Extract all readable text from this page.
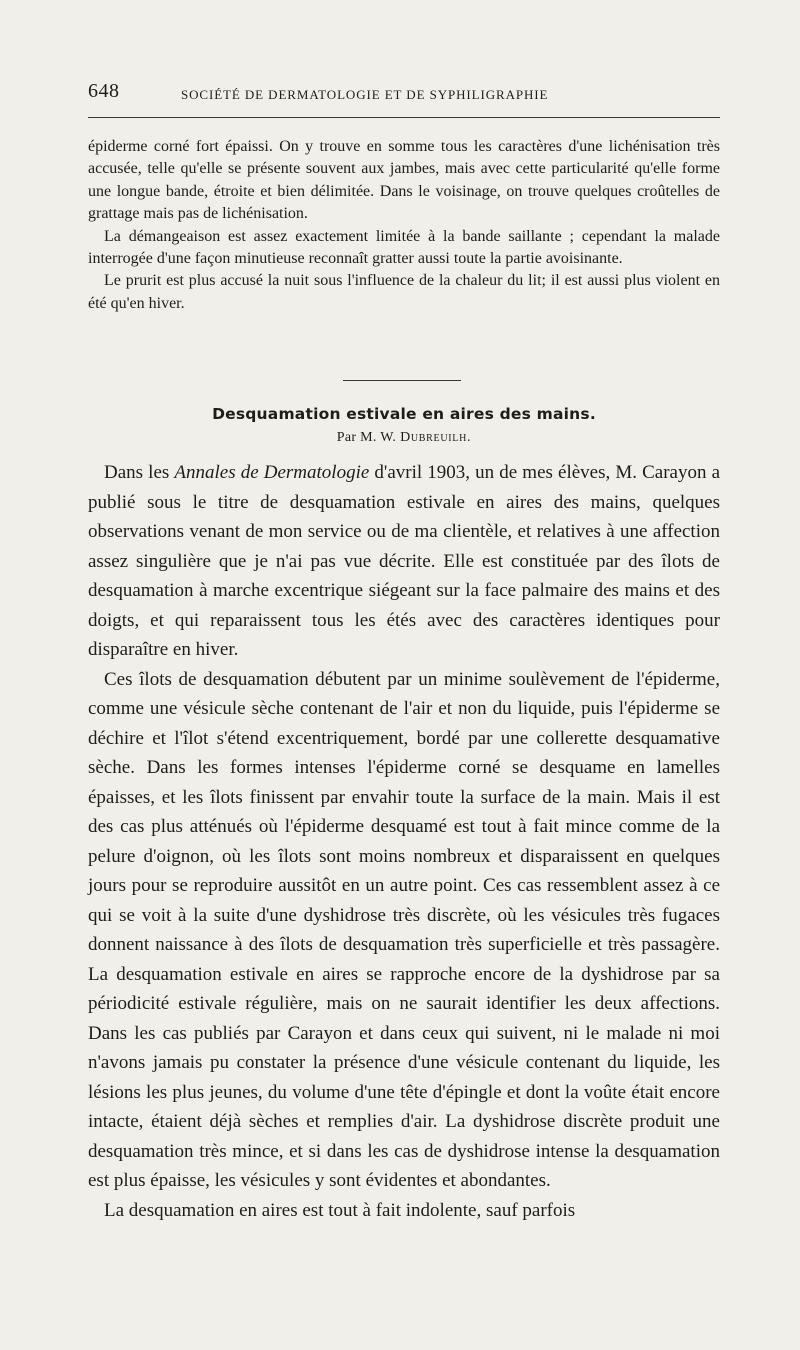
648	SOCIÉTÉ DE DERMATOLOGIE ET DE SYPHILIGRAPHIE

épiderme corné fort épaissi. On y trouve en somme tous les caractères d'une lichénisation très accusée, telle qu'elle se présente souvent aux jambes, mais avec cette particularité qu'elle forme une longue bande, étroite et bien délimitée. Dans le voisinage, on trouve quelques croûtelles de grattage mais pas de lichénisation.

La démangeaison est assez exactement limitée à la bande saillante ; cependant la malade interrogée d'une façon minutieuse reconnaît gratter aussi toute la partie avoisinante.

Le prurit est plus accusé la nuit sous l'influence de la chaleur du lit; il est aussi plus violent en été qu'en hiver.

Desquamation estivale en aires des mains.
Par M. W. Dubreuilh.

Dans les Annales de Dermatologie d'avril 1903, un de mes élèves, M. Carayon a publié sous le titre de desquamation estivale en aires des mains, quelques observations venant de mon service ou de ma clientèle, et relatives à une affection assez singulière que je n'ai pas vue décrite. Elle est constituée par des îlots de desquamation à marche excentrique siégeant sur la face palmaire des mains et des doigts, et qui reparaissent tous les étés avec des caractères identiques pour disparaître en hiver.

Ces îlots de desquamation débutent par un minime soulèvement de l'épiderme, comme une vésicule sèche contenant de l'air et non du liquide, puis l'épiderme se déchire et l'îlot s'étend excentriquement, bordé par une collerette desquamative sèche. Dans les formes intenses l'épiderme corné se desquame en lamelles épaisses, et les îlots finissent par envahir toute la surface de la main. Mais il est des cas plus atténués où l'épiderme desquamé est tout à fait mince comme de la pelure d'oignon, où les îlots sont moins nombreux et disparaissent en quelques jours pour se reproduire aussitôt en un autre point. Ces cas ressemblent assez à ce qui se voit à la suite d'une dyshidrose très discrète, où les vésicules très fugaces donnent naissance à des îlots de desquamation très superficielle et très passagère. La desquamation estivale en aires se rapproche encore de la dyshidrose par sa périodicité estivale régulière, mais on ne saurait identifier les deux affections. Dans les cas publiés par Carayon et dans ceux qui suivent, ni le malade ni moi n'avons jamais pu constater la présence d'une vésicule contenant du liquide, les lésions les plus jeunes, du volume d'une tête d'épingle et dont la voûte était encore intacte, étaient déjà sèches et remplies d'air. La dyshidrose discrète produit une desquamation très mince, et si dans les cas de dyshidrose intense la desquamation est plus épaisse, les vésicules y sont évidentes et abondantes.

La desquamation en aires est tout à fait indolente, sauf parfois
